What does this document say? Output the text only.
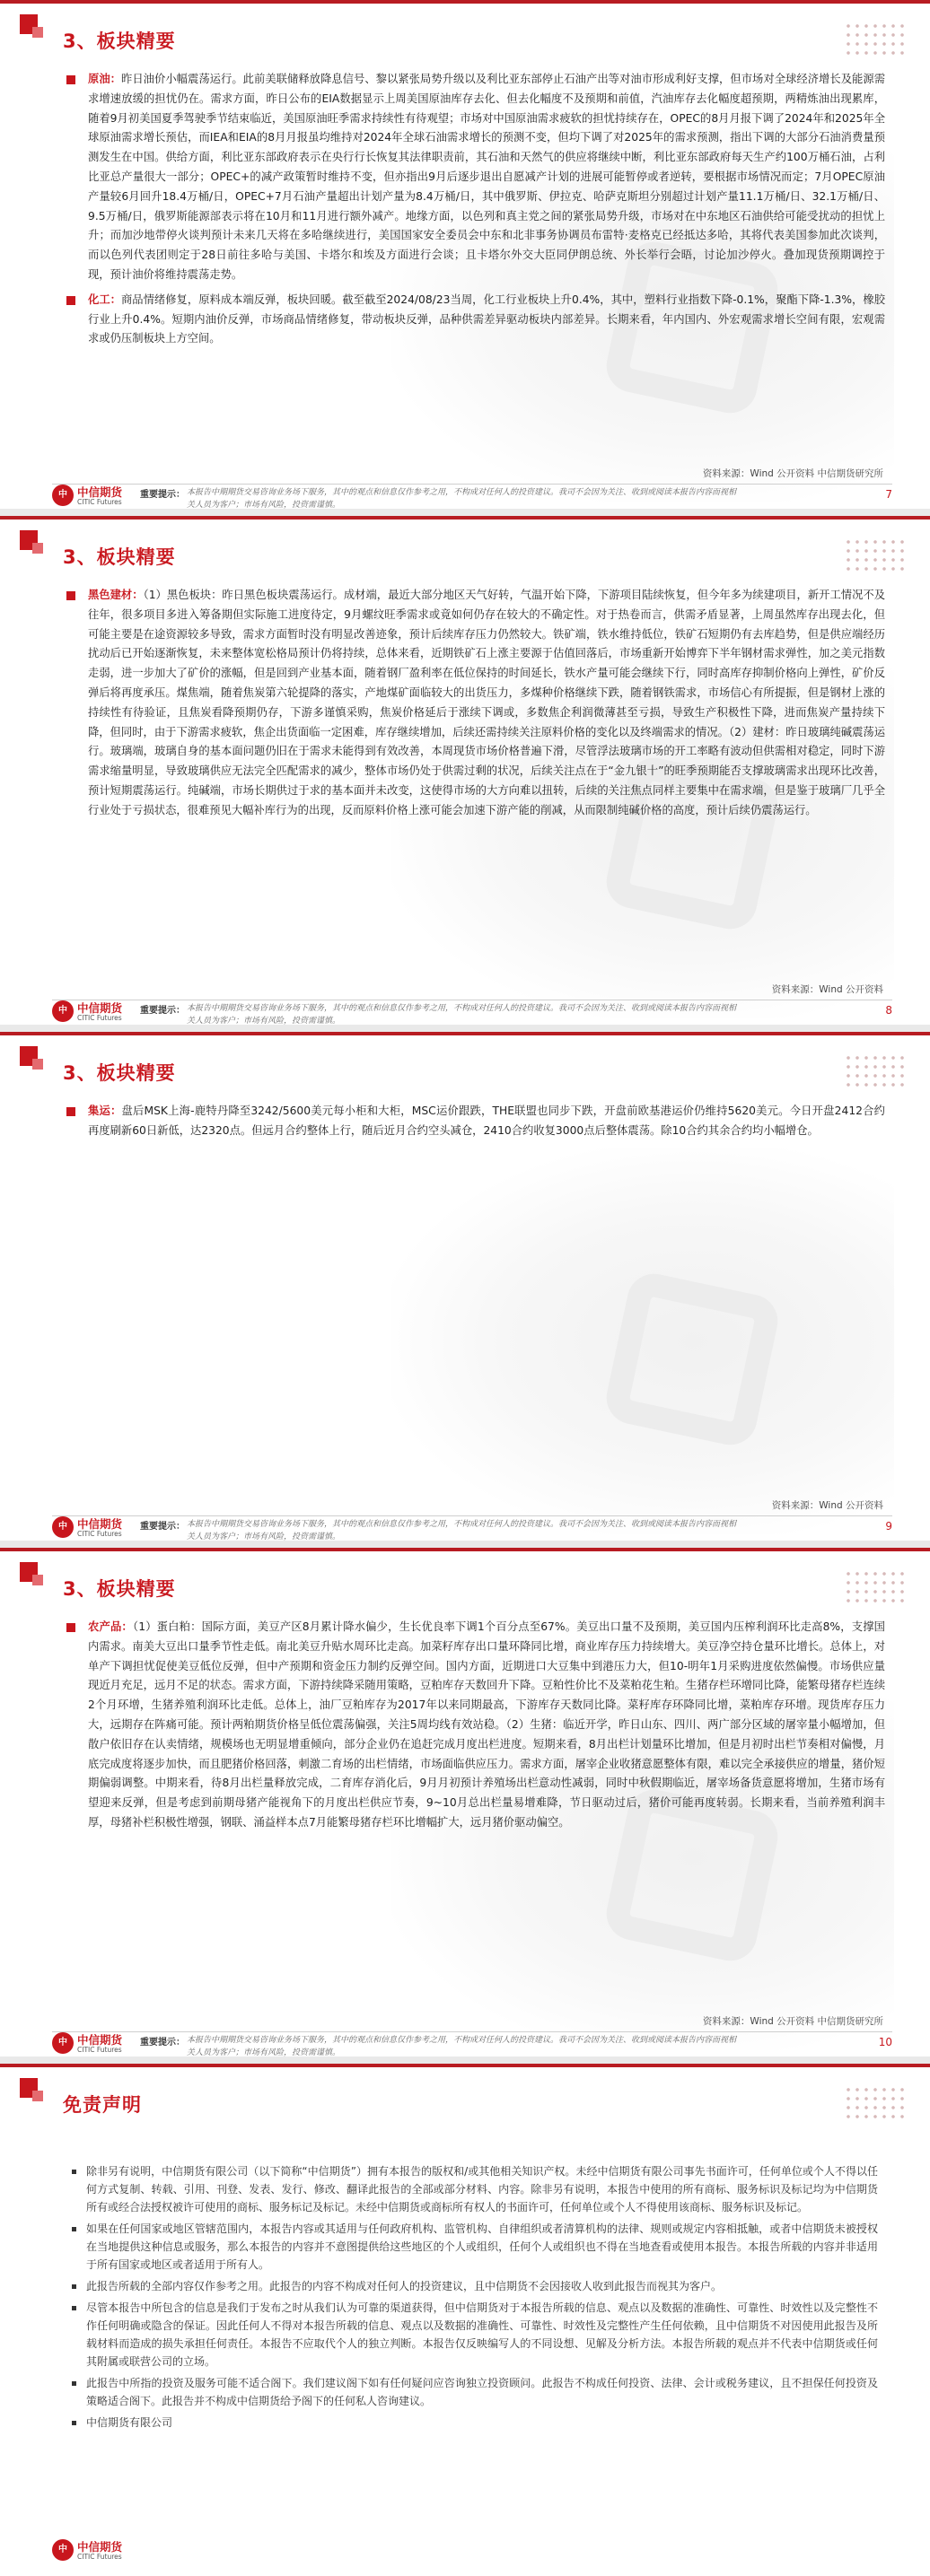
3、板块精要
原油：昨日油价小幅震荡运行。此前美联储释放降息信号、黎以紧张局势升级以及利比亚东部停止石油产出等对油市形成利好支撑，但市场对全球经济增长及能源需求增速放缓的担忧仍在。需求方面，昨日公布的EIA数据显示上周美国原油库存去化、但去化幅度不及预期和前值，汽油库存去化幅度超预期，两精炼油出现累库，随着9月初美国夏季驾驶季节结束临近，美国原油旺季需求持续性有待观望；市场对中国原油需求疲软的担忧持续存在，OPEC的8月月报下调了2024年和2025年全球原油需求增长预估，而IEA和EIA的8月月报虽均维持对2024年全球石油需求增长的预测不变，但均下调了对2025年的需求预测，指出下调的大部分石油消费量预测发生在中国。供给方面，利比亚东部政府表示在央行行长恢复其法律职责前，其石油和天然气的供应将继续中断，利比亚东部政府每天生产约100万桶石油，占利比亚总产量很大一部分；OPEC+的减产政策暂时维持不变，但亦指出9月后逐步退出自愿减产计划的进展可能暂停或者逆转，要根据市场情况而定；7月OPEC原油产量较6月回升18.4万桶/日，OPEC+7月石油产量超出计划产量为8.4万桶/日，其中俄罗斯、伊拉克、哈萨克斯坦分别超过计划产量11.1万桶/日、32.1万桶/日、9.5万桶/日，俄罗斯能源部表示将在10月和11月进行额外减产。地缘方面，以色列和真主党之间的紧张局势升级，市场对在中东地区石油供给可能受扰动的担忧上升；而加沙地带停火谈判预计未来几天将在多哈继续进行，美国国家安全委员会中东和北非事务协调员布雷特·麦格克已经抵达多哈，其将代表美国参加此次谈判，而以色列代表团则定于28日前往多哈与美国、卡塔尔和埃及方面进行会谈；且卡塔尔外交大臣同伊朗总统、外长举行会晤，讨论加沙停火。叠加现货预期调控于现，预计油价将维持震荡走势。
化工：商品情绪修复，原料成本端反弹，板块回暖。截至截至2024/08/23当周，化工行业板块上升0.4%，其中，塑料行业指数下降-0.1%，聚酯下降-1.3%，橡胶行业上升0.4%。短期内油价反弹，市场商品情绪修复，带动板块反弹，品种供需差异驱动板块内部差异。长期来看，年内国内、外宏观需求增长空间有限，宏观需求或仍压制板块上方空间。
资料来源：Wind 公开资料 中信期货研究所
中 中信期货
CITIC Futures
重要提示： 本报告中期期货交易咨询业务场下服务，其中的观点和信息仅作参考之用，不构成对任何人的投资建议。我司不会因为关注、收到或阅读本报告内容而视相关人员为客户；市场有风险，投资需谨慎。
7
3、板块精要
黑色建材：（1）黑色板块：昨日黑色板块震荡运行。成材端，最近大部分地区天气好转，气温开始下降，下游项目陆续恢复，但今年多为续建项目，新开工情况不及往年，很多项目多进入筹备期但实际施工进度待定，9月螺纹旺季需求或竟如何仍存在较大的不确定性。对于热卷而言，供需矛盾显著，上周虽然库存出现去化，但可能主要是在途资源较多导致，需求方面暂时没有明显改善迹象，预计后续库存压力仍然较大。铁矿端，铁水维持低位，铁矿石短期仍有去库趋势，但是供应端经历扰动后已开始逐渐恢复，未来整体宽松格局预计仍将持续，总体来看，近期铁矿石上涨主要源于估值回落后，市场重新开始博弈下半年钢材需求弹性，加之美元指数走弱，进一步加大了矿价的涨幅，但是回到产业基本面，随着钢厂盈利率在低位保持的时间延长，铁水产量可能会继续下行，同时高库存抑制价格向上弹性，矿价反弹后将再度承压。煤焦端，随着焦炭第六轮提降的落实，产地煤矿面临较大的出货压力，多煤种价格继续下跌，随着钢铁需求，市场信心有所提振，但是钢材上涨的持续性有待验证，且焦炭看降预期仍存，下游多谨慎采购，焦炭价格延后于涨续下调或，多数焦企利润微薄甚至亏损，导致生产积极性下降，进而焦炭产量持续下降，但同时，由于下游需求疲软，焦企出货面临一定困难，库存继续增加，后续还需持续关注原料价格的变化以及终端需求的情况。（2）建材：昨日玻璃纯碱震荡运行。玻璃端，玻璃自身的基本面问题仍旧在于需求未能得到有效改善，本周现货市场价格普遍下滑，尽管浮法玻璃市场的开工率略有波动但供需相对稳定，同时下游需求缩量明显，导致玻璃供应无法完全匹配需求的减少，整体市场仍处于供需过剩的状况，后续关注点在于“金九银十”的旺季预期能否支撑玻璃需求出现环比改善，预计短期震荡运行。纯碱端，市场长期供过于求的基本面并未改变，这使得市场的大方向难以扭转，后续的关注焦点同样主要集中在需求端，但是鉴于玻璃厂几乎全行业处于亏损状态，很难预见大幅补库行为的出现，反而原料价格上涨可能会加速下游产能的削减，从而限制纯碱价格的高度，预计后续仍震荡运行。
资料来源：Wind 公开资料
中 中信期货
CITIC Futures
重要提示： 本报告中期期货交易咨询业务场下服务，其中的观点和信息仅作参考之用，不构成对任何人的投资建议。我司不会因为关注、收到或阅读本报告内容而视相关人员为客户；市场有风险，投资需谨慎。
8
3、板块精要
集运：盘后MSK上海-鹿特丹降至3242/5600美元每小柜和大柜，MSC运价跟跌，THE联盟也同步下跌，开盘前欧基港运价仍维持5620美元。今日开盘2412合约再度刷新60日新低，达2320点。但远月合约整体上行，随后近月合约空头减仓，2410合约收复3000点后整体震荡。除10合约其余合约均小幅增仓。
资料来源：Wind 公开资料
中 中信期货
CITIC Futures
重要提示： 本报告中期期货交易咨询业务场下服务，其中的观点和信息仅作参考之用，不构成对任何人的投资建议。我司不会因为关注、收到或阅读本报告内容而视相关人员为客户；市场有风险，投资需谨慎。
9
3、板块精要
农产品：（1）蛋白粕：国际方面，美豆产区8月累计降水偏少，生长优良率下调1个百分点至67%。美豆出口量不及预期，美豆国内压榨利润环比走高8%，支撑国内需求。南美大豆出口量季节性走低。南北美豆升贴水周环比走高。加菜籽库存出口量环降同比增，商业库存压力持续增大。美豆净空持仓量环比增长。总体上，对单产下调担忧促使美豆低位反弹，但中产预期和资金压力制约反弹空间。国内方面，近期进口大豆集中到港压力大，但10-明年1月采购进度依然偏慢。市场供应量现近月充足，远月不足的状态。需求方面，下游持续降采随用策略，豆粕库存天数回升下降。豆粕性价比不及菜粕花生粕。生猪存栏环增同比降，能繁母猪存栏连续2个月环增，生猪养殖利润环比走低。总体上，油厂豆粕库存为2017年以来同期最高，下游库存天数同比降。菜籽库存环降同比增，菜粕库存环增。现货库存压力大，远期存在阵痛可能。预计两粕期货价格呈低位震荡偏强，关注5周均线有效站稳。（2）生猪：临近开学，昨日山东、四川、两广部分区域的屠宰量小幅增加，但散户依旧存在认卖情绪，规模场也无明显增重倾向，部分企业仍在追赶完成月度出栏进度。短期来看，8月出栏计划量环比增加，但是月初时出栏节奏相对偏慢，月底完成度将逐步加快，而且肥猪价格回落，刺激二育场的出栏情绪，市场面临供应压力。需求方面，屠宰企业收猪意愿整体有限，难以完全承接供应的增量，猪价短期偏弱调整。中期来看，待8月出栏量释放完成，二育库存消化后，9月月初预计养殖场出栏意动性减弱，同时中秋假期临近，屠宰场备货意愿将增加，生猪市场有望迎来反弹，但是考虑到前期母猪产能视角下的月度出栏供应节奏，9~10月总出栏量易增难降，节日驱动过后，猪价可能再度转弱。长期来看，当前养殖利润丰厚，母猪补栏积极性增强，钢联、涌益样本点7月能繁母猪存栏环比增幅扩大，远月猪价驱动偏空。
资料来源：Wind 公开资料 中信期货研究所
中 中信期货
CITIC Futures
重要提示： 本报告中期期货交易咨询业务场下服务，其中的观点和信息仅作参考之用，不构成对任何人的投资建议。我司不会因为关注、收到或阅读本报告内容而视相关人员为客户；市场有风险，投资需谨慎。
10
免责声明
除非另有说明，中信期货有限公司（以下简称“中信期货”）拥有本报告的版权和/或其他相关知识产权。未经中信期货有限公司事先书面许可，任何单位或个人不得以任何方式复制、转载、引用、刊登、发表、发行、修改、翻译此报告的全部或部分材料、内容。除非另有说明，本报告中使用的所有商标、服务标识及标记均为中信期货所有或经合法授权被许可使用的商标、服务标记及标记。未经中信期货或商标所有权人的书面许可，任何单位或个人不得使用该商标、服务标识及标记。
如果在任何国家或地区管辖范围内，本报告内容或其适用与任何政府机构、监管机构、自律组织或者清算机构的法律、规则或规定内容相抵触，或者中信期货未被授权在当地提供这种信息或服务，那么本报告的内容并不意图提供给这些地区的个人或组织，任何个人或组织也不得在当地查看或使用本报告。本报告所载的内容并非适用于所有国家或地区或者适用于所有人。
此报告所载的全部内容仅作参考之用。此报告的内容不构成对任何人的投资建议，且中信期货不会因接收人收到此报告而视其为客户。
尽管本报告中所包含的信息是我们于发布之时从我们认为可靠的渠道获得，但中信期货对于本报告所载的信息、观点以及数据的准确性、可靠性、时效性以及完整性不作任何明确或隐含的保证。因此任何人不得对本报告所载的信息、观点以及数据的准确性、可靠性、时效性及完整性产生任何依赖，且中信期货不对因使用此报告及所载材料而造成的损失承担任何责任。本报告不应取代个人的独立判断。本报告仅反映编写人的不同设想、见解及分析方法。本报告所载的观点并不代表中信期货或任何其附属或联营公司的立场。
此报告中所指的投资及服务可能不适合阁下。我们建议阁下如有任何疑问应咨询独立投资顾问。此报告不构成任何投资、法律、会计或税务建议，且不担保任何投资及策略适合阁下。此报告并不构成中信期货给予阁下的任何私人咨询建议。
中信期货有限公司
中 中信期货
CITIC Futures
